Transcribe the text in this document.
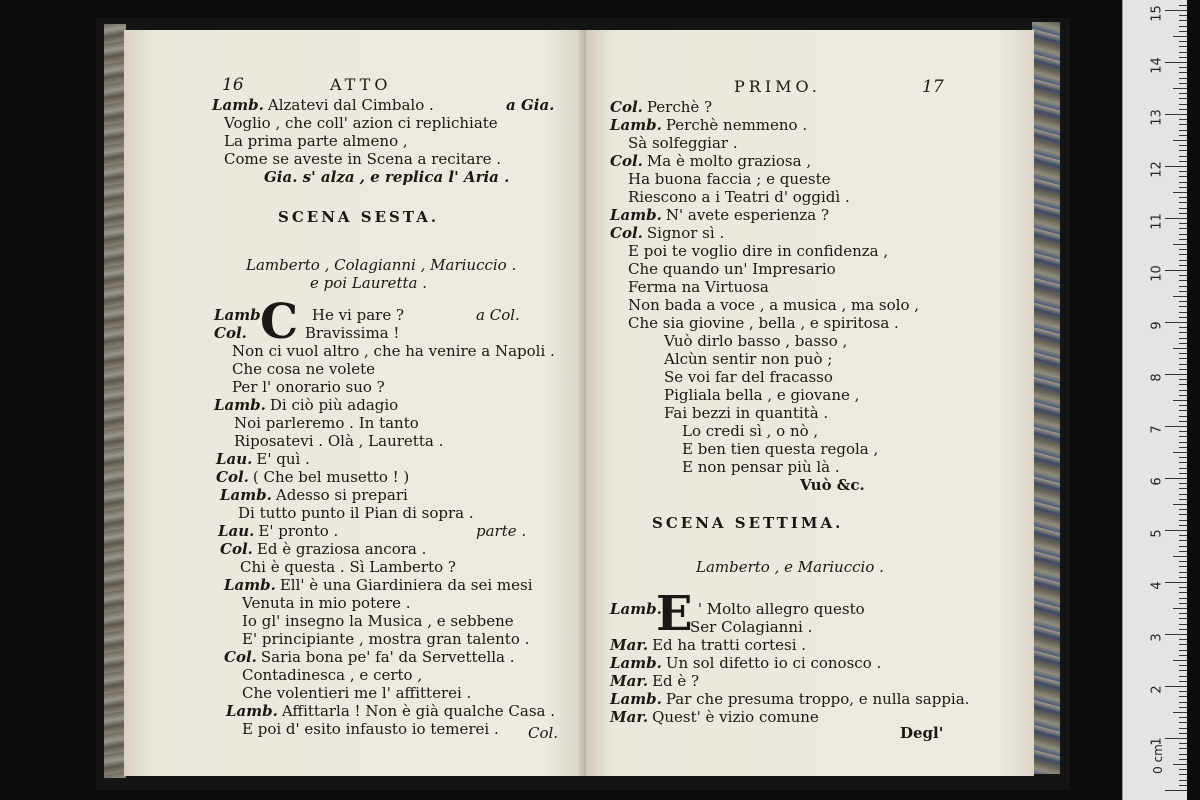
16	ATTO
Lamb. Alzatevi dal Cimbalo .	a Gia.
Voglio , che coll' azion ci replichiate
La prima parte almeno ,
Come se aveste in Scena a recitare .
Gia. s' alza , e replica l' Aria .
SCENA SESTA.
Lamberto , Colagianni , Mariuccio .
e poi Lauretta .
C
Lamb.	He vi pare ?	a Col.
Col.	Bravissima !
Non ci vuol altro , che ha venire a Napoli .
Che cosa ne volete
Per l' onorario suo ?
Lamb. Di ciò più adagio
Noi parleremo . In tanto
Riposatevi . Olà , Lauretta .
Lau. E' quì .
Col. ( Che bel musetto ! )
Lamb. Adesso si prepari
Di tutto punto il Pian di sopra .
Lau. E' pronto .	parte .
Col. Ed è graziosa ancora .
Chi è questa . Sì Lamberto ?
Lamb. Ell' è una Giardiniera da sei mesi
Venuta in mio potere .
Io gl' insegno la Musica , e sebbene
E' principiante , mostra gran talento .
Col. Saria bona pe' fa' da Servettella .
Contadinesca , e certo ,
Che volentieri me l' affitterei .
Lamb. Affittarla ! Non è già qualche Casa .
E poi d' esito infausto io temerei . Col.
PRIMO.	17
Col. Perchè ?
Lamb. Perchè nemmeno .
Sà solfeggiar .
Col. Ma è molto graziosa ,
Ha buona faccia ; e queste
Riescono a i Teatri d' oggidì .
Lamb. N' avete esperienza ?
Col. Signor sì .
E poi te voglio dire in confidenza ,
Che quando un' Impresario
Ferma na Virtuosa
Non bada a voce , a musica , ma solo ,
Che sia giovine , bella , e spiritosa .
Vuò dirlo basso , basso ,
Alcùn sentir non può ;
Se voi far del fracasso
Pigliala bella , e giovane ,
Fai bezzi in quantità .
Lo credi sì , o nò ,
E ben tien questa regola ,
E non pensar più là .
Vuò &c.
SCENA SETTIMA.
Lamberto , e Mariuccio .
E
Lamb. ' Molto allegro questo
Ser Colagianni .
Mar. Ed ha tratti cortesi .
Lamb. Un sol difetto io ci conosco .
Mar. Ed è ?
Lamb. Par che presuma troppo, e nulla sappia.
Mar. Quest' è vizio comune
Degl'
15
14
13
12
11
10
9
8
7
6
5
4
3
2
1
0 cm
